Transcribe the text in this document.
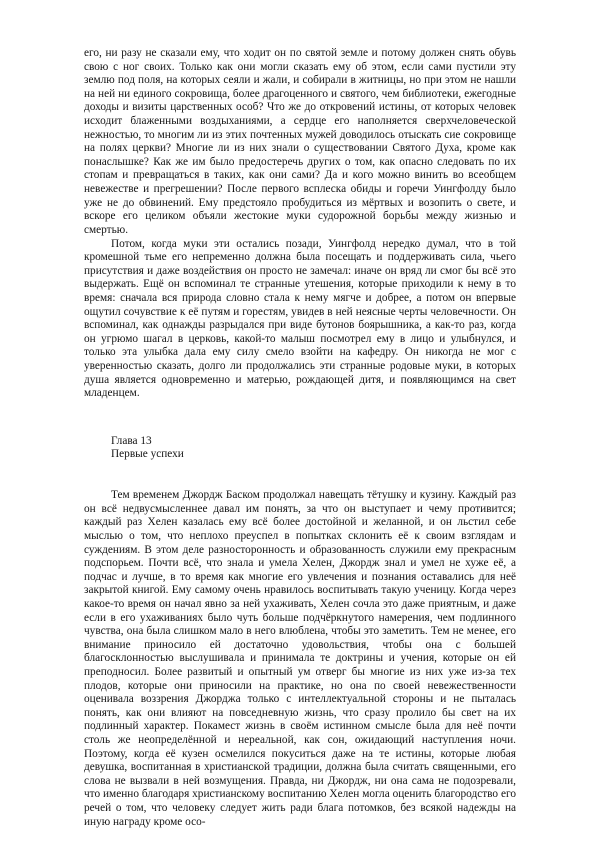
его, ни разу не сказали ему, что ходит он по святой земле и потому должен снять обувь свою с ног своих. Только как они могли сказать ему об этом, если сами пустили эту землю под поля, на которых сеяли и жали, и собирали в житницы, но при этом не нашли на ней ни единого сокровища, более драгоценного и святого, чем библиотеки, ежегодные доходы и визиты царственных особ? Что же до откровений истины, от которых человек исходит блаженными воздыханиями, а сердце его наполняется сверхчеловеческой нежностью, то многим ли из этих почтенных мужей доводилось отыскать сие сокровище на полях церкви? Многие ли из них знали о существовании Святого Духа, кроме как понаслышке? Как же им было предостеречь других о том, как опасно следовать по их стопам и превращаться в таких, как они сами? Да и кого можно винить во всеобщем невежестве и прегрешении? После первого всплеска обиды и горечи Уингфолду было уже не до обвинений. Ему предстояло пробудиться из мёртвых и возопить о свете, и вскоре его целиком объяли жестокие муки судорожной борьбы между жизнью и смертью.

Потом, когда муки эти остались позади, Уингфолд нередко думал, что в той кромешной тьме его непременно должна была посещать и поддерживать сила, чьего присутствия и даже воздействия он просто не замечал: иначе он вряд ли смог бы всё это выдержать. Ещё он вспоминал те странные утешения, которые приходили к нему в то время: сначала вся природа словно стала к нему мягче и добрее, а потом он впервые ощутил сочувствие к её путям и горестям, увидев в ней неясные черты человечности. Он вспоминал, как однажды разрыдался при виде бутонов боярышника, а как-то раз, когда он угрюмо шагал в церковь, какой-то малыш посмотрел ему в лицо и улыбнулся, и только эта улыбка дала ему силу смело взойти на кафедру. Он никогда не мог с уверенностью сказать, долго ли продолжались эти странные родовые муки, в которых душа является одновременно и матерью, рождающей дитя, и появляющимся на свет младенцем.

Глава 13
Первые успехи

Тем временем Джордж Баском продолжал навещать тётушку и кузину. Каждый раз он всё недвусмысленнее давал им понять, за что он выступает и чему противится; каждый раз Хелен казалась ему всё более достойной и желанной, и он льстил себе мыслью о том, что неплохо преуспел в попытках склонить её к своим взглядам и суждениям. В этом деле разносторонность и образованность служили ему прекрасным подспорьем. Почти всё, что знала и умела Хелен, Джордж знал и умел не хуже её, а подчас и лучше, в то время как многие его увлечения и познания оставались для неё закрытой книгой. Ему самому очень нравилось воспитывать такую ученицу. Когда через какое-то время он начал явно за ней ухаживать, Хелен сочла это даже приятным, и даже если в его ухаживаниях было чуть больше подчёркнутого намерения, чем подлинного чувства, она была слишком мало в него влюблена, чтобы это заметить. Тем не менее, его внимание приносило ей достаточно удовольствия, чтобы она с большей благосклонностью выслушивала и принимала те доктрины и учения, которые он ей преподносил. Более развитый и опытный ум отверг бы многие из них уже из-за тех плодов, которые они приносили на практике, но она по своей невежественности оценивала воззрения Джорджа только с интеллектуальной стороны и не пыталась понять, как они влияют на повседневную жизнь, что сразу пролило бы свет на их подлинный характер. Покамест жизнь в своём истинном смысле была для неё почти столь же неопределённой и нереальной, как сон, ожидающий наступления ночи. Поэтому, когда её кузен осмелился покуситься даже на те истины, которые любая девушка, воспитанная в христианской традиции, должна была считать священными, его слова не вызвали в ней возмущения. Правда, ни Джордж, ни она сама не подозревали, что именно благодаря христианскому воспитанию Хелен могла оценить благородство его речей о том, что человеку следует жить ради блага потомков, без всякой надежды на иную награду кроме осо-
